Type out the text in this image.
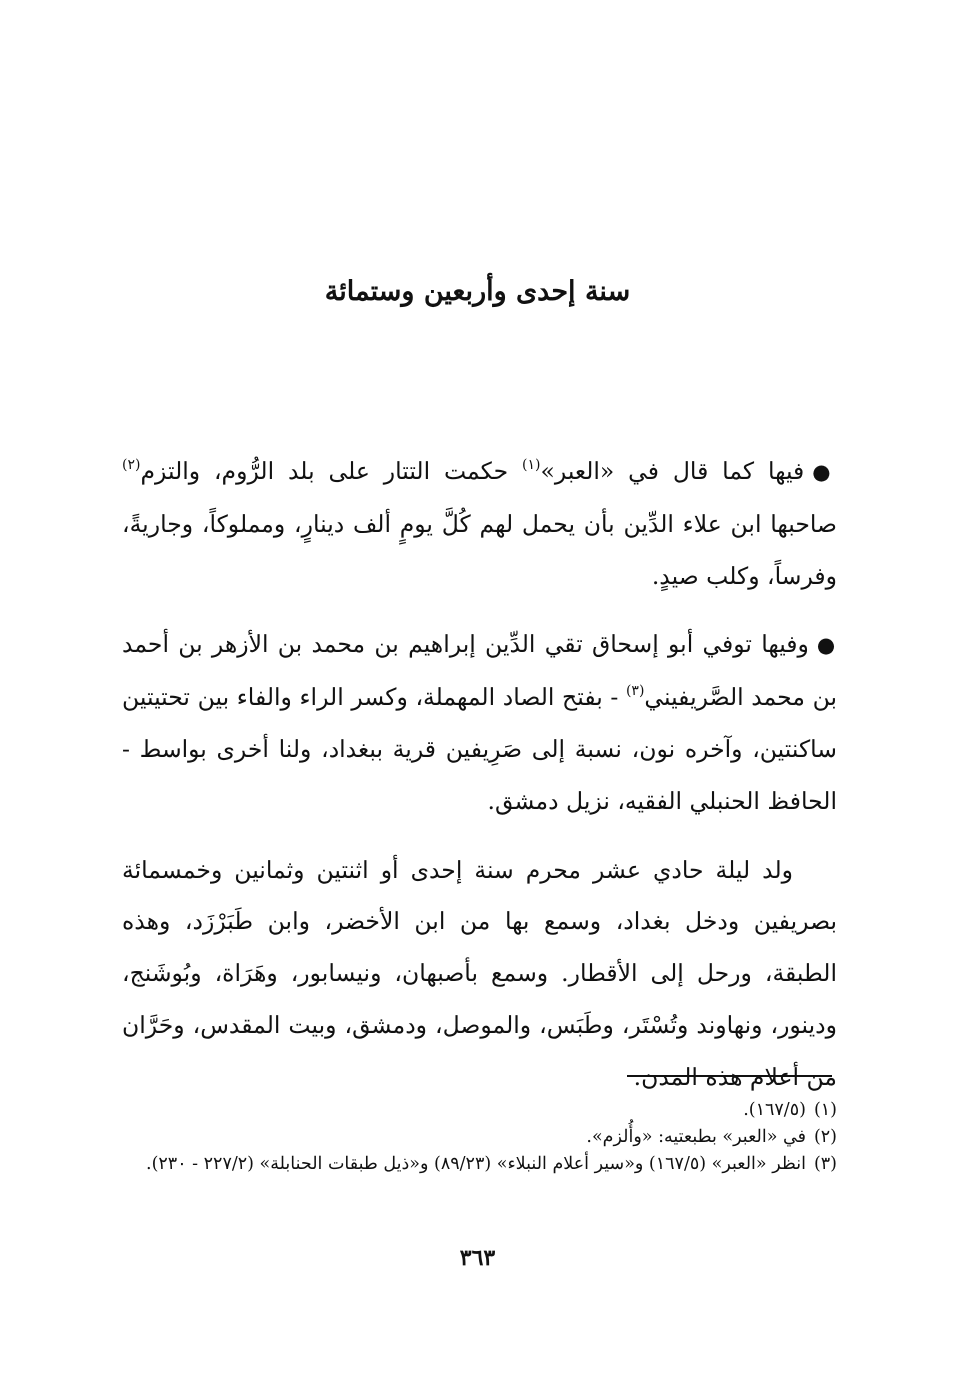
سنة إحدى وأربعين وستمائة

●فيها كما قال في «العبر»$^{(١)}$ حكمت التتار على بلد الرُّوم، والتزم$^{(٢)}$ صاحبها ابن علاء الدِّين بأن يحمل لهم كُلَّ يومٍ ألف دينارٍ، ومملوكاً، وجاريةً، وفرساً، وكلب صيدٍ.

●وفيها توفي أبو إسحاق تقي الدِّين إبراهيم بن محمد بن الأزهر بن أحمد بن محمد الصَّريفيني$^{(٣)}$ - بفتح الصاد المهملة، وكسر الراء والفاء بين تحتيتين ساكنتين، وآخره نون، نسبة إلى صَرِيفين قرية ببغداد، ولنا أخرى بواسط - الحافظ الحنبلي الفقيه، نزيل دمشق.

ولد ليلة حادي عشر محرم سنة إحدى أو اثنتين وثمانين وخمسمائة بصريفين ودخل بغداد، وسمع بها من ابن الأخضر، وابن طَبَرْزَد، وهذه الطبقة، ورحل إلى الأقطار. وسمع بأصبهان، ونيسابور، وهَرَاة، وبُوشَنج، ودينور، ونهاوند وتُسْتَر، وطَبَس، والموصل، ودمشق، وبيت المقدس، وحَرَّان من أعلام هذه المدن.

(١)
(١٦٧/٥).
(٢)
في «العبر» بطبعتيه: «وأُلزم».
(٣)
انظر «العبر» (١٦٧/٥) و«سير أعلام النبلاء» (٨٩/٢٣) و«ذيل طبقات الحنابلة» (٢٢٧/٢ - ٢٣٠).
٣٦٣
